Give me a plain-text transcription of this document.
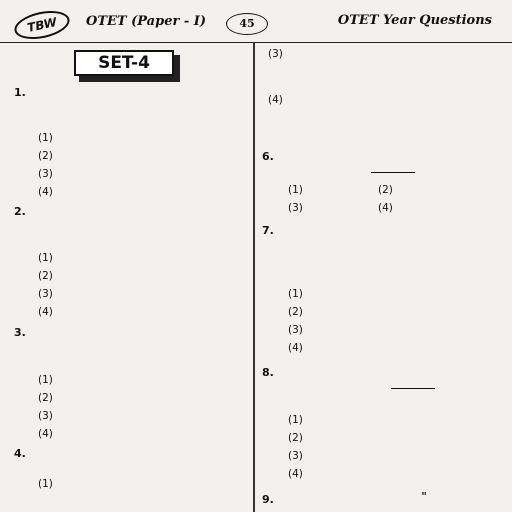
TBW	OTET (Paper - I)	45	OTET Year Questions
SET-4
1.
(1)
(2)
(3)
(4)
2.
(1)
(2)
(3)
(4)
3.
(1)
(2)
(3)
(4)
4.
(1)
(3)
(4)
6.

(1)	(2)
(3)	(4)
7.
(1)
(2)
(3)
(4)
8.

(1)
(2)
(3)
(4)
9.	"
